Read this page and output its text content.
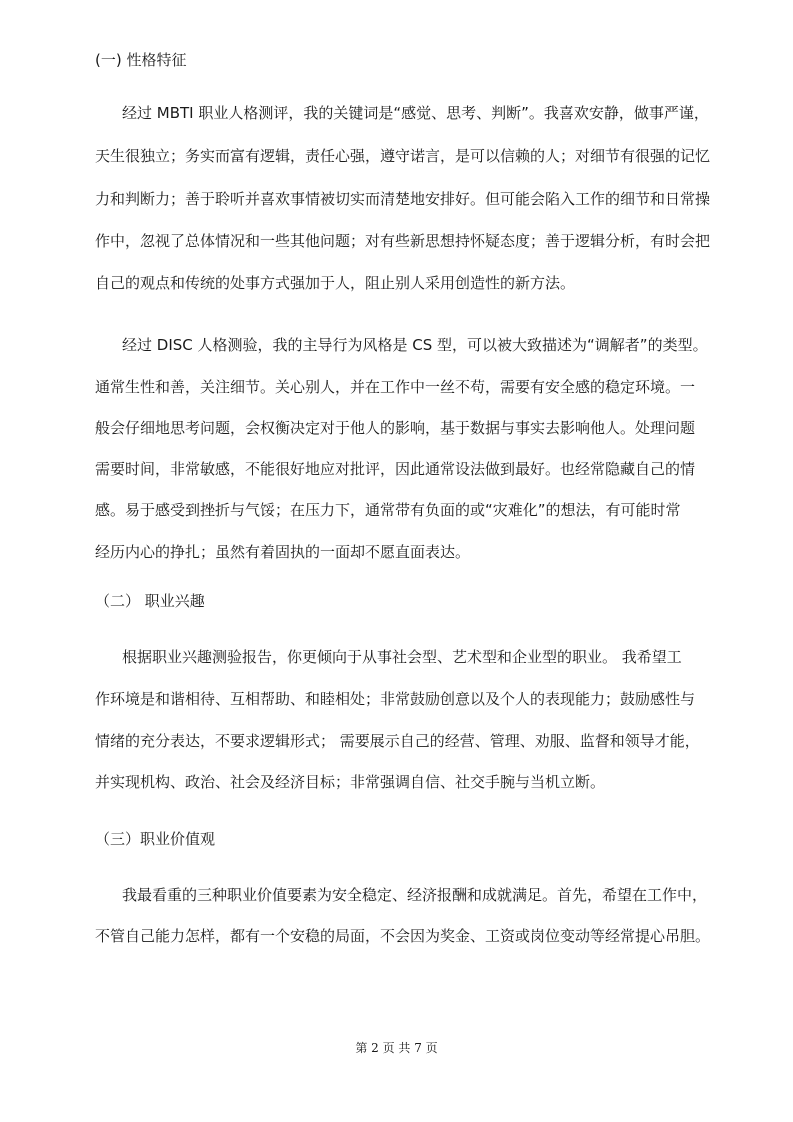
(一) 性格特征

经过 MBTI 职业人格测评，我的关键词是“感觉、思考、判断”。我喜欢安静，做事严谨，

天生很独立；务实而富有逻辑，责任心强，遵守诺言，是可以信赖的人；对细节有很强的记忆

力和判断力；善于聆听并喜欢事情被切实而清楚地安排好。但可能会陷入工作的细节和日常操

作中，忽视了总体情况和一些其他问题；对有些新思想持怀疑态度；善于逻辑分析，有时会把

自己的观点和传统的处事方式强加于人，阻止别人采用创造性的新方法。

经过 DISC 人格测验，我的主导行为风格是 CS 型，可以被大致描述为“调解者”的类型。

通常生性和善，关注细节。关心别人，并在工作中一丝不苟，需要有安全感的稳定环境。一

般会仔细地思考问题，会权衡决定对于他人的影响，基于数据与事实去影响他人。处理问题

需要时间，非常敏感，不能很好地应对批评，因此通常设法做到最好。也经常隐藏自己的情

感。易于感受到挫折与气馁；在压力下，通常带有负面的或“灾难化”的想法，有可能时常

经历内心的挣扎；虽然有着固执的一面却不愿直面表达。

（二） 职业兴趣

根据职业兴趣测验报告，你更倾向于从事社会型、艺术型和企业型的职业。 我希望工

作环境是和谐相待、互相帮助、和睦相处；非常鼓励创意以及个人的表现能力；鼓励感性与

情绪的充分表达，不要求逻辑形式； 需要展示自己的经营、管理、劝服、监督和领导才能，

并实现机构、政治、社会及经济目标；非常强调自信、社交手腕与当机立断。

（三）职业价值观

我最看重的三种职业价值要素为安全稳定、经济报酬和成就满足。首先，希望在工作中，

不管自己能力怎样，都有一个安稳的局面，不会因为奖金、工资或岗位变动等经常提心吊胆。

第 2 页 共 7 页
